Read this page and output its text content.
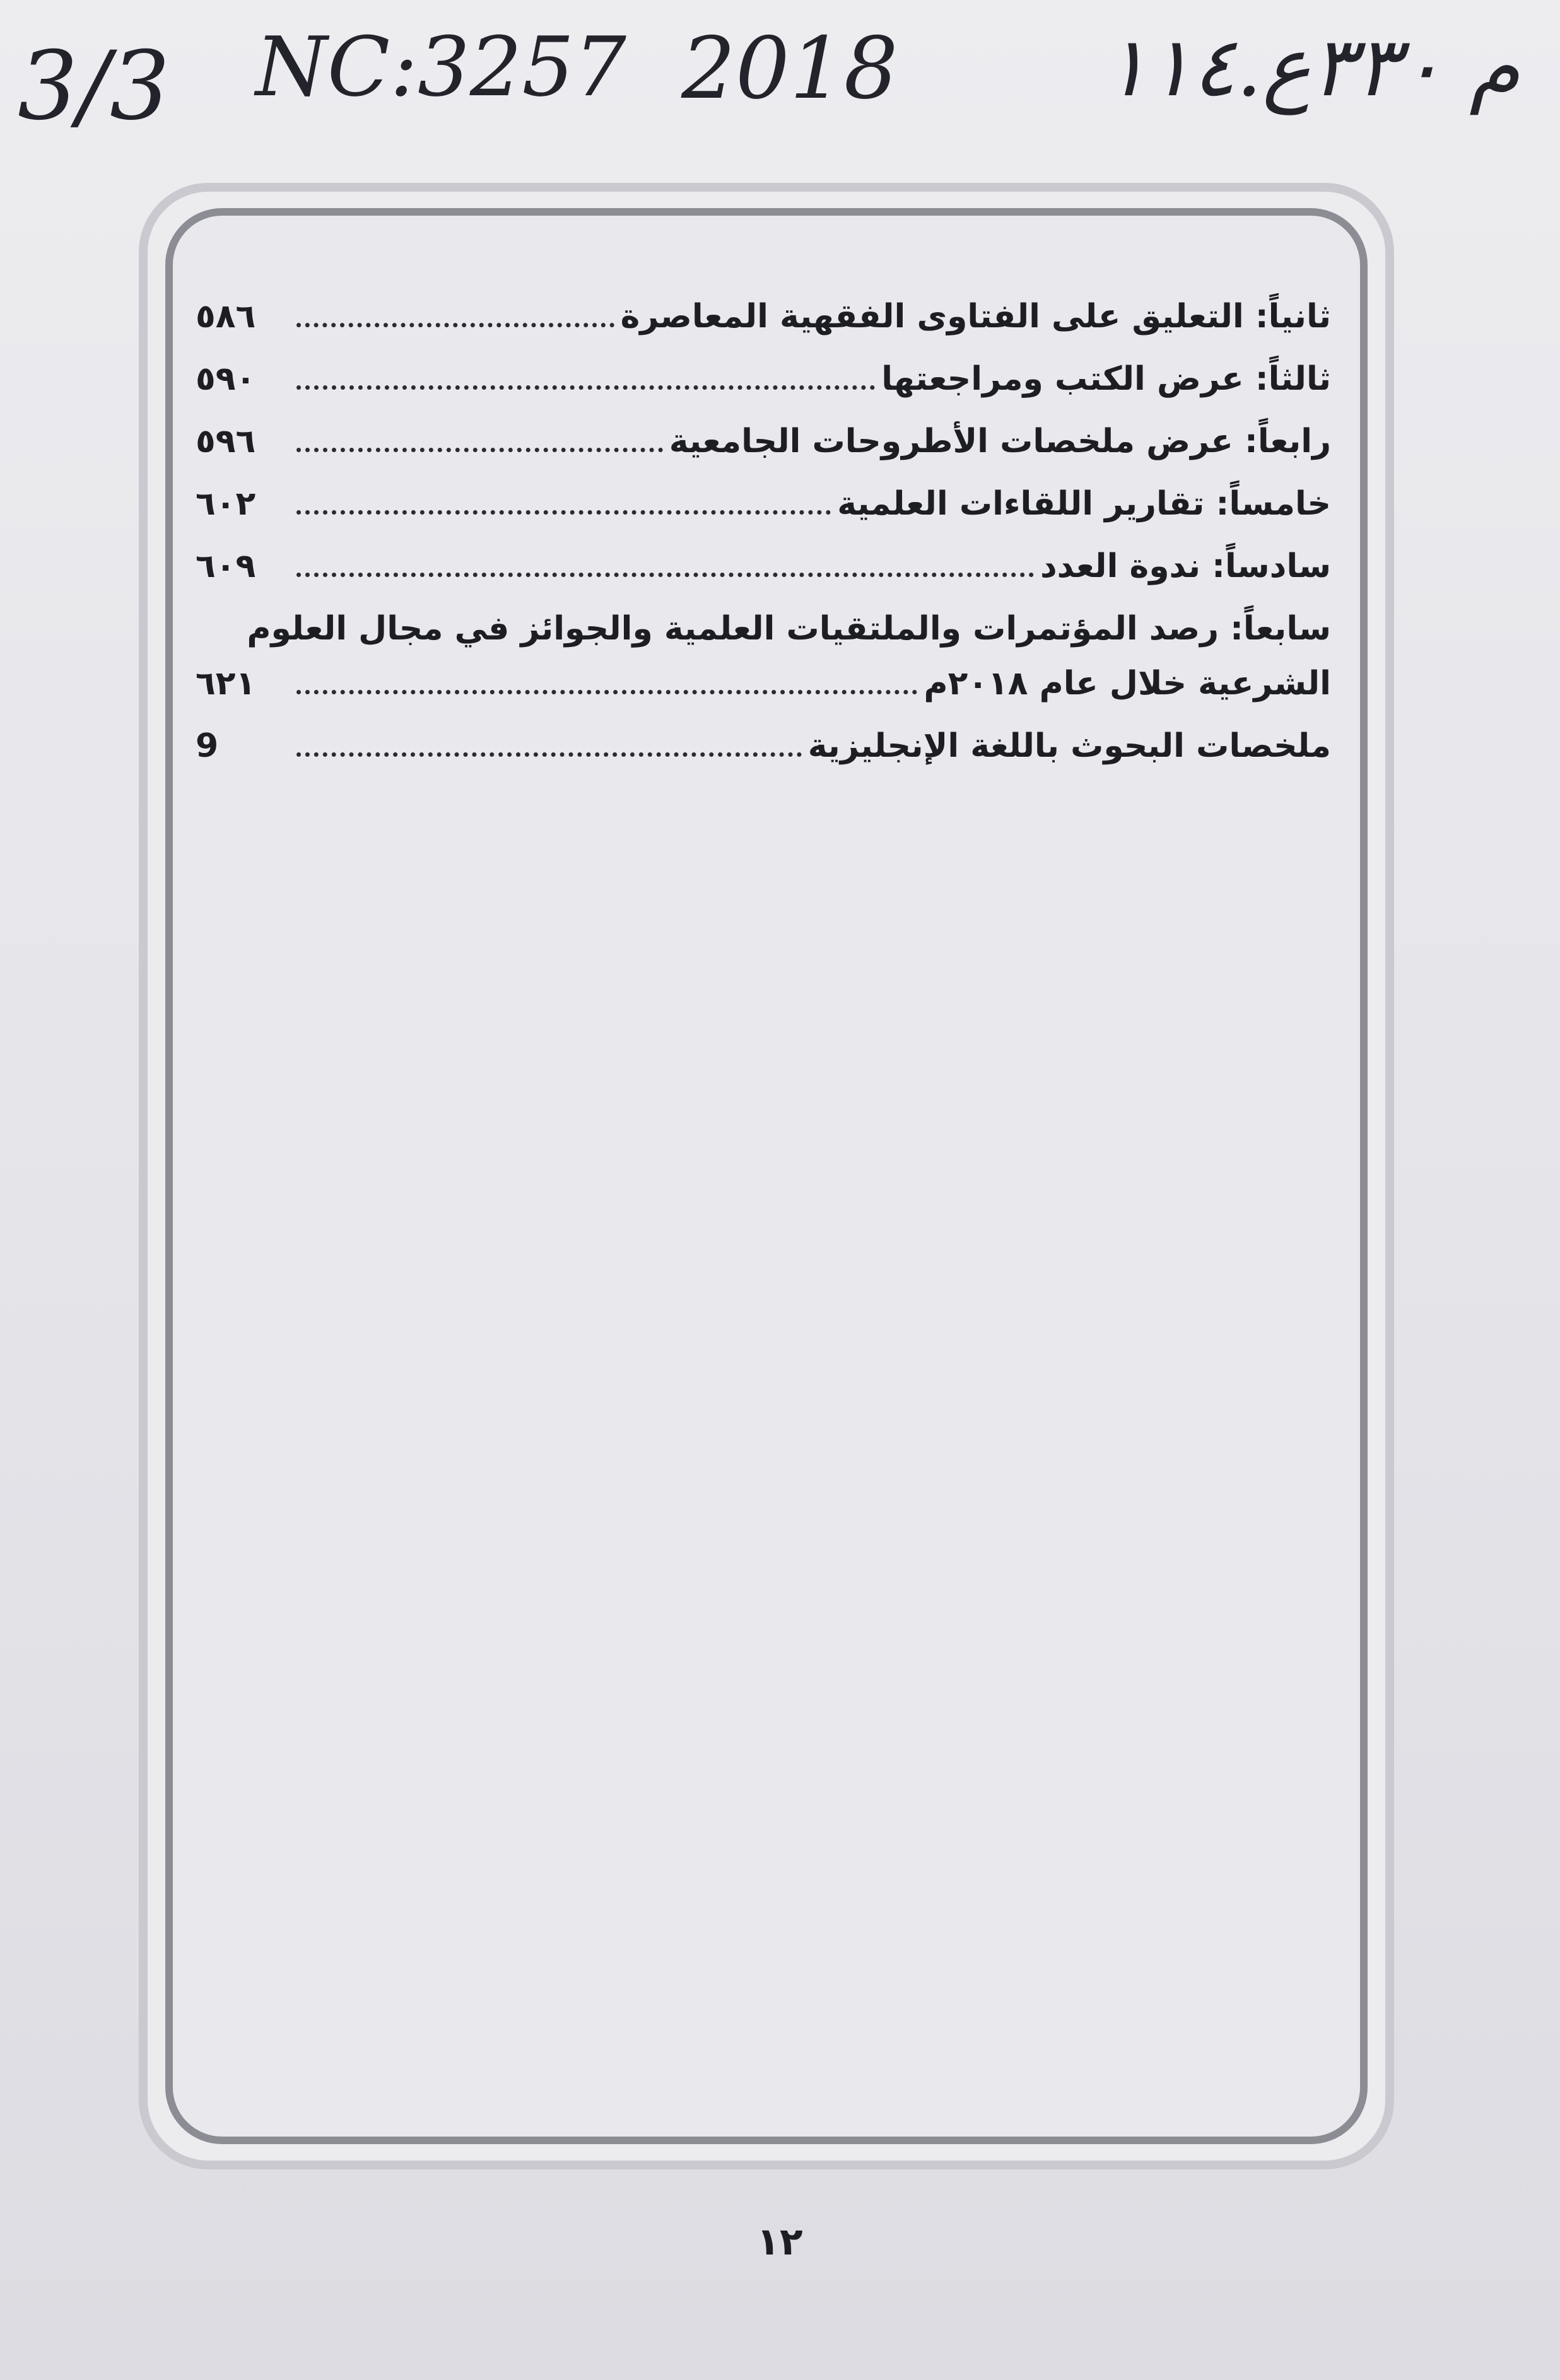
3/3 NC:3257 2018	م ٣٣٠ع.١١٤
ثانياً: التعليق على الفتاوى الفقهية المعاصرة
٥٨٦
ثالثاً: عرض الكتب ومراجعتها
٥٩٠
رابعاً: عرض ملخصات الأطروحات الجامعية
٥٩٦
خامساً: تقارير اللقاءات العلمية
٦٠٢
سادساً: ندوة العدد
٦٠٩
سابعاً: رصد المؤتمرات والملتقيات العلمية والجوائز في مجال العلوم
الشرعية خلال عام ٢٠١٨م
٦٢١
ملخصات البحوث باللغة الإنجليزية
9
١٢
